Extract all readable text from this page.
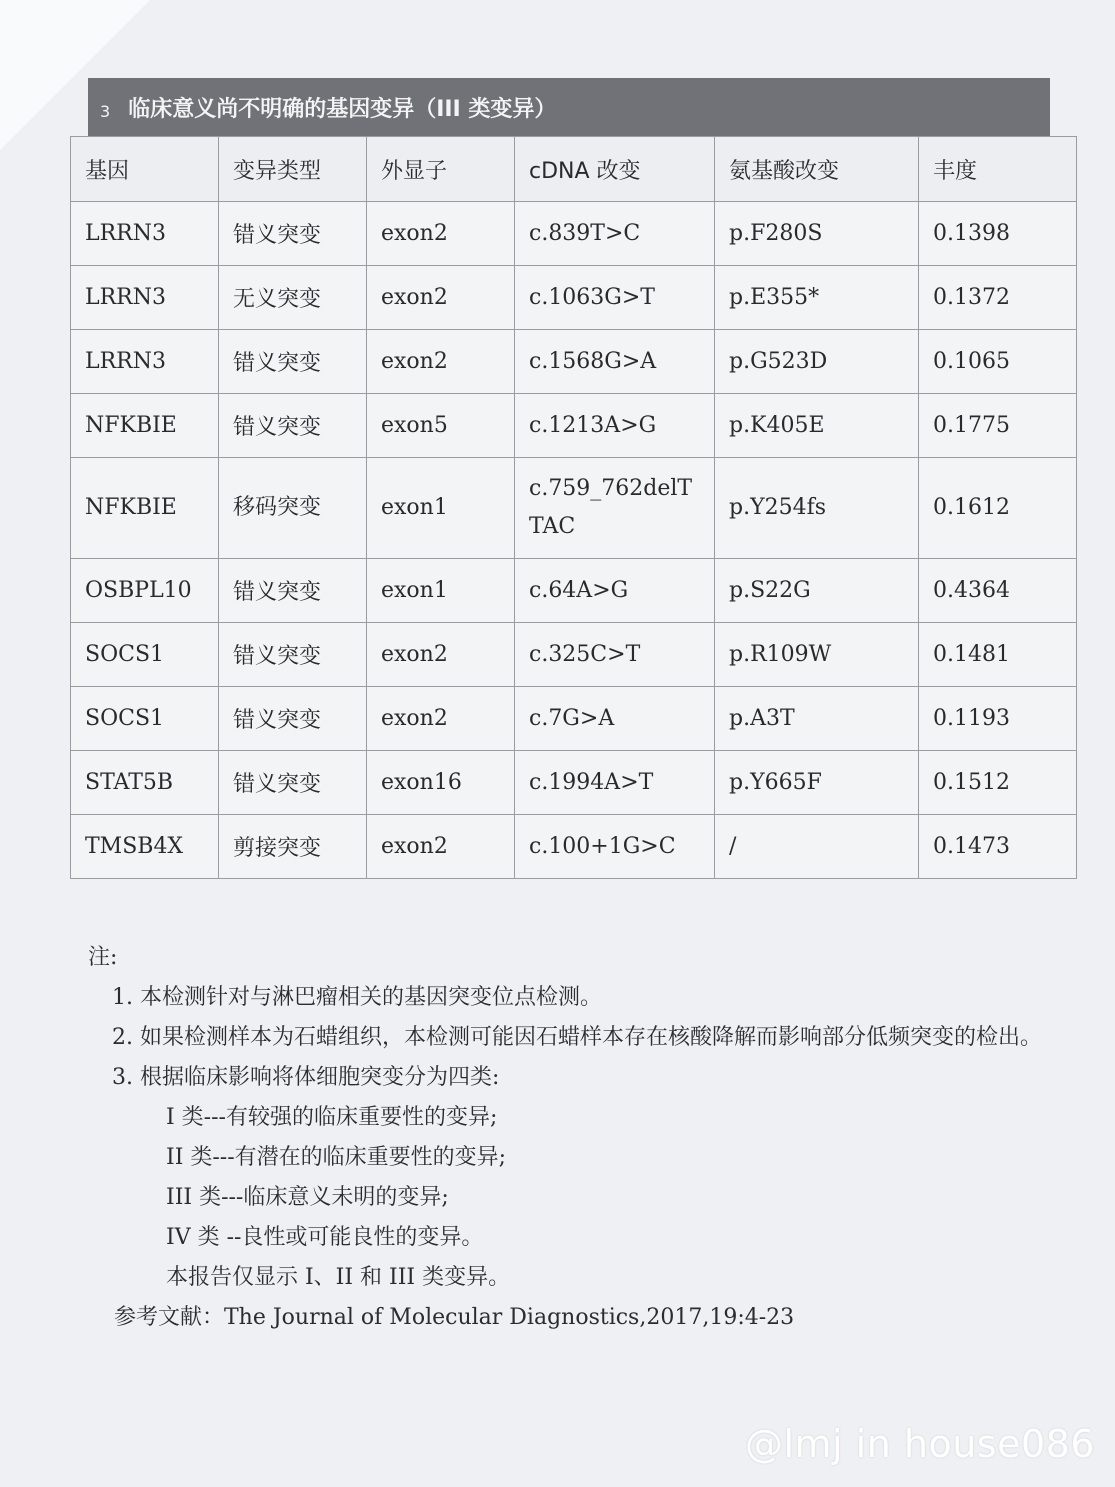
3 临床意义尚不明确的基因变异（III 类变异）
基因	变异类型	外显子	cDNA 改变	氨基酸改变	丰度
LRRN3	错义突变	exon2	c.839T>C	p.F280S	0.1398
LRRN3	无义突变	exon2	c.1063G>T	p.E355*	0.1372
LRRN3	错义突变	exon2	c.1568G>A	p.G523D	0.1065
NFKBIE	错义突变	exon5	c.1213A>G	p.K405E	0.1775
NFKBIE	移码突变	exon1	c.759_762delTTAC	p.Y254fs	0.1612
OSBPL10	错义突变	exon1	c.64A>G	p.S22G	0.4364
SOCS1	错义突变	exon2	c.325C>T	p.R109W	0.1481
SOCS1	错义突变	exon2	c.7G>A	p.A3T	0.1193
STAT5B	错义突变	exon16	c.1994A>T	p.Y665F	0.1512
TMSB4X	剪接突变	exon2	c.100+1G>C	/	0.1473
注:
1. 本检测针对与淋巴瘤相关的基因突变位点检测。
2. 如果检测样本为石蜡组织，本检测可能因石蜡样本存在核酸降解而影响部分低频突变的检出。
3. 根据临床影响将体细胞突变分为四类:
I 类---有较强的临床重要性的变异;
II 类---有潜在的临床重要性的变异;
III 类---临床意义未明的变异;
IV 类 --良性或可能良性的变异。
本报告仅显示 I、II 和 III 类变异。
参考文献：The Journal of Molecular Diagnostics,2017,19:4-23
@lmj in house086
